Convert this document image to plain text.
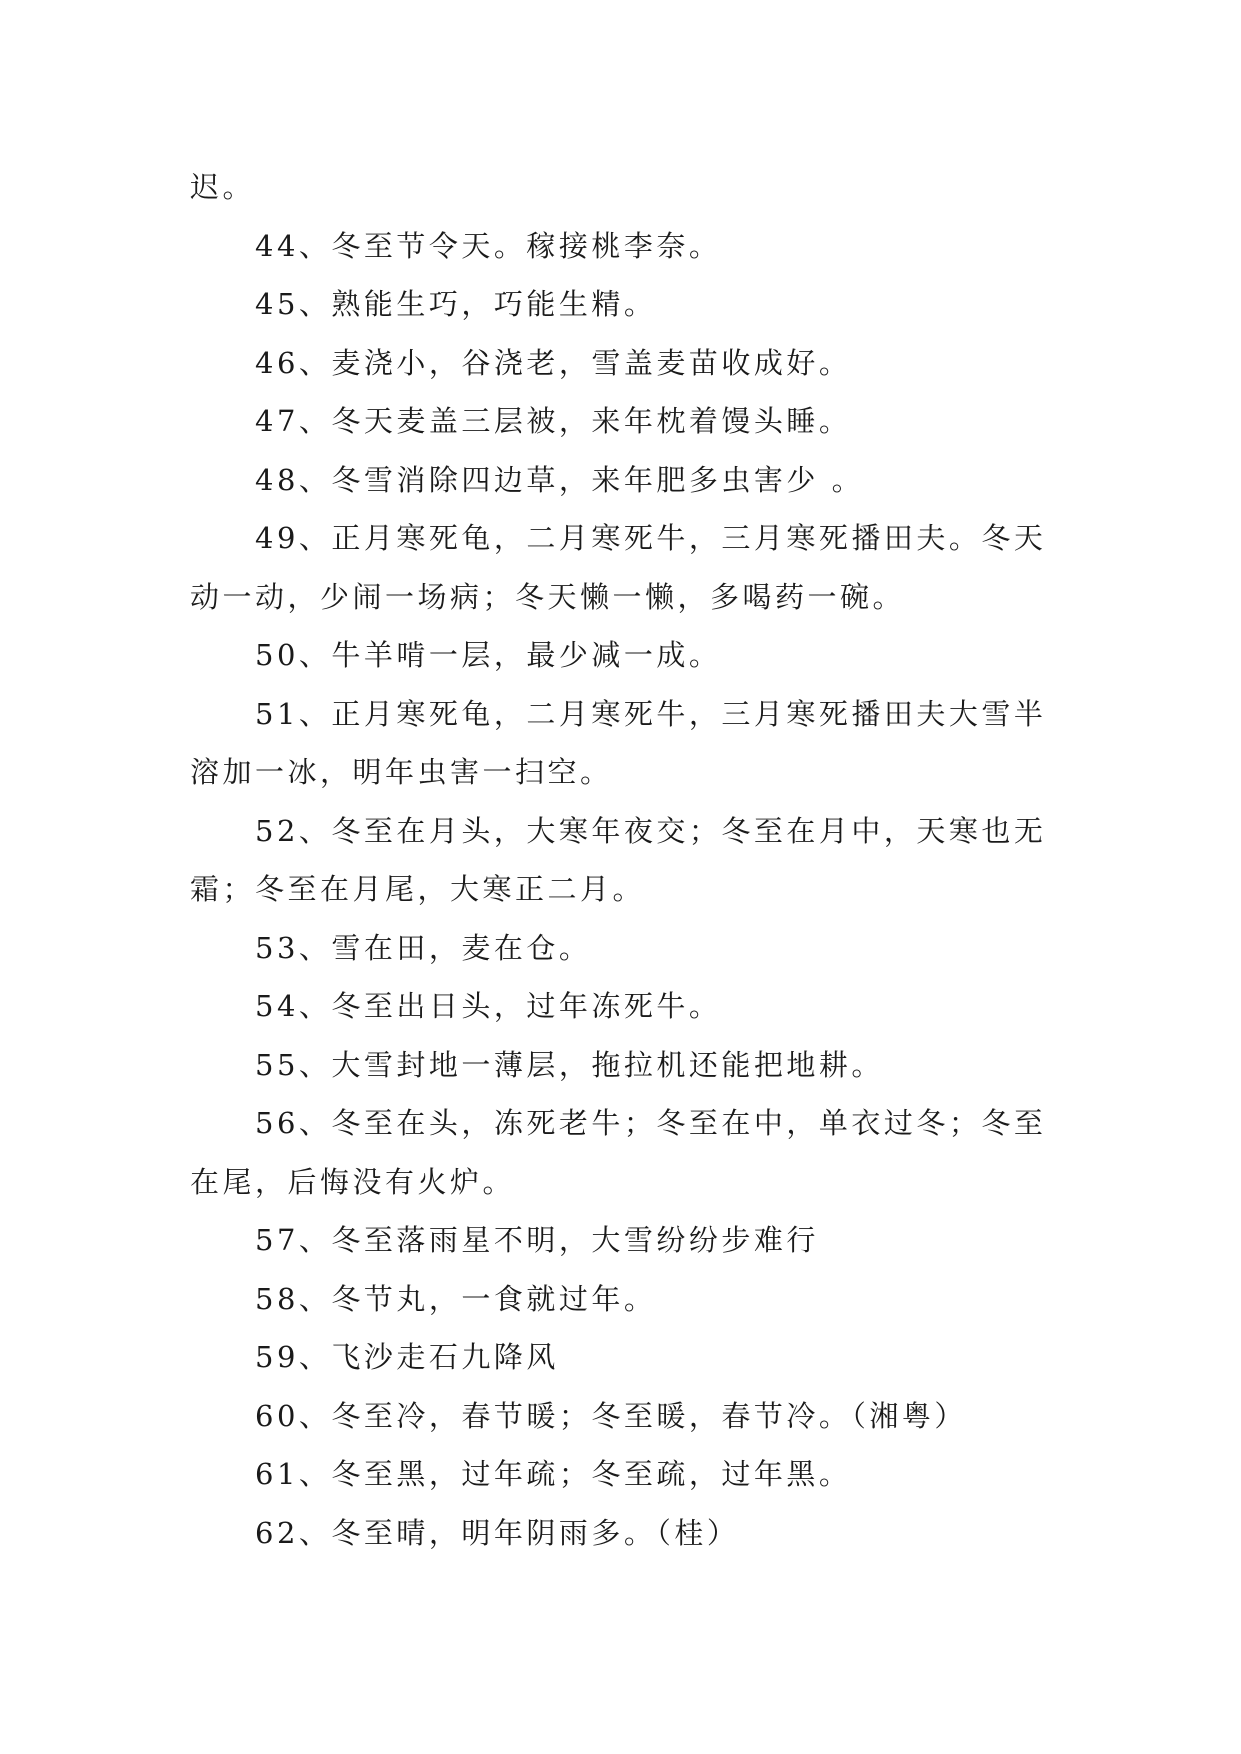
迟。

44、冬至节令天。稼接桃李奈。

45、熟能生巧，巧能生精。

46、麦浇小，谷浇老，雪盖麦苗收成好。

47、冬天麦盖三层被，来年枕着馒头睡。

48、冬雪消除四边草，来年肥多虫害少 。

49、正月寒死龟，二月寒死牛，三月寒死播田夫。冬天动一动，少闹一场病；冬天懒一懒，多喝药一碗。

50、牛羊啃一层，最少减一成。

51、正月寒死龟，二月寒死牛，三月寒死播田夫大雪半溶加一冰，明年虫害一扫空。

52、冬至在月头，大寒年夜交；冬至在月中，天寒也无霜；冬至在月尾，大寒正二月。

53、雪在田，麦在仓。

54、冬至出日头，过年冻死牛。

55、大雪封地一薄层，拖拉机还能把地耕。

56、冬至在头，冻死老牛；冬至在中，单衣过冬；冬至在尾，后悔没有火炉。

57、冬至落雨星不明，大雪纷纷步难行

58、冬节丸，一食就过年。

59、飞沙走石九降风

60、冬至冷，春节暖；冬至暖，春节冷。（湘粤）

61、冬至黑，过年疏；冬至疏，过年黑。

62、冬至晴，明年阴雨多。（桂）
